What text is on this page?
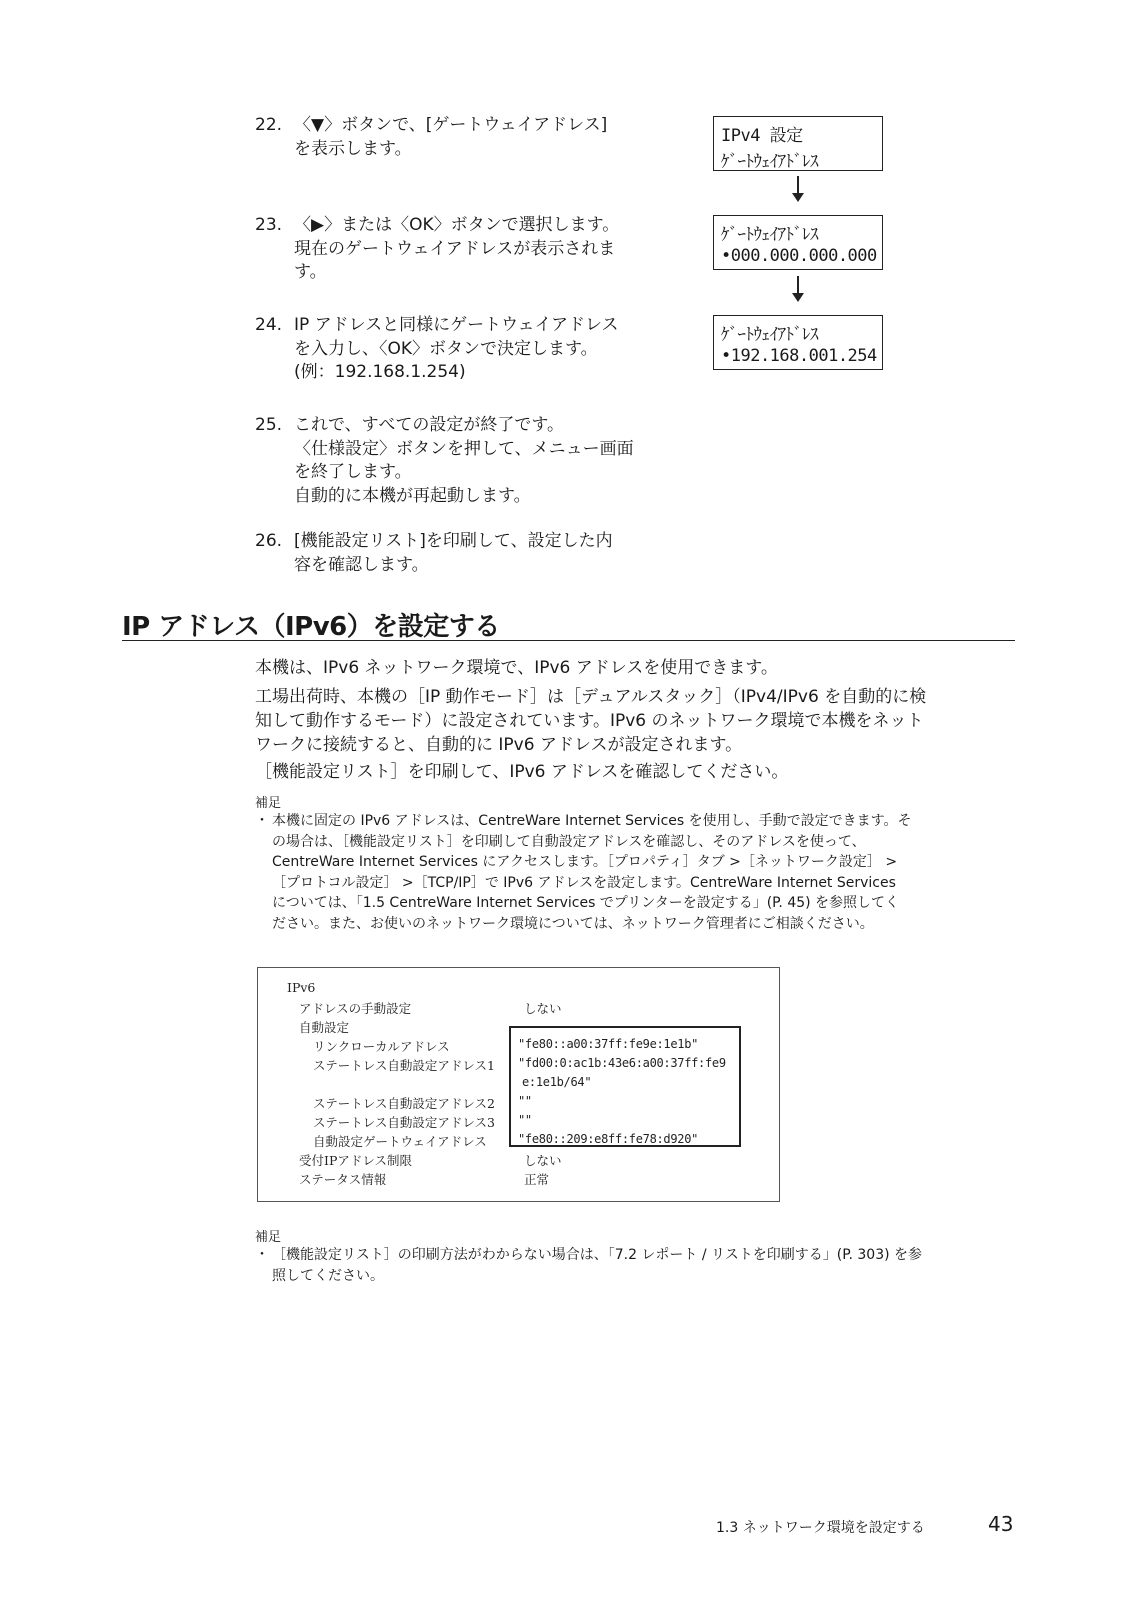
22. 〈▼〉ボタンで、[ゲートウェイアドレス]
を表示します。
23. 〈▶〉または〈OK〉ボタンで選択します。
現在のゲートウェイアドレスが表示されま
す。
24. IP アドレスと同様にゲートウェイアドレス
を入力し、〈OK〉ボタンで決定します。
(例：192.168.1.254)
25. これで、すべての設定が終了です。
〈仕様設定〉ボタンを押して、メニュー画面
を終了します。
自動的に本機が再起動します。
26. [機能設定リスト]を印刷して、設定した内
容を確認します。
IPv4 設定
ｹﾞｰﾄｳｪｲｱﾄﾞﾚｽ
ｹﾞｰﾄｳｪｲｱﾄﾞﾚｽ
•000.000.000.000
ｹﾞｰﾄｳｪｲｱﾄﾞﾚｽ
•192.168.001.254
IP アドレス（IPv6）を設定する
本機は、IPv6 ネットワーク環境で、IPv6 アドレスを使用できます。
工場出荷時、本機の［IP 動作モード］は［デュアルスタック］（IPv4/IPv6 を自動的に検
知して動作するモード）に設定されています。IPv6 のネットワーク環境で本機をネット
ワークに接続すると、自動的に IPv6 アドレスが設定されます。
［機能設定リスト］を印刷して、IPv6 アドレスを確認してください。
補足
・ 本機に固定の IPv6 アドレスは、CentreWare Internet Services を使用し、手動で設定できます。そ
の場合は、［機能設定リスト］を印刷して自動設定アドレスを確認し、そのアドレスを使って、
CentreWare Internet Services にアクセスします。［プロパティ］タブ >［ネットワーク設定］ >
［プロトコル設定］ >［TCP/IP］で IPv6 アドレスを設定します。CentreWare Internet Services
については、「1.5 CentreWare Internet Services でプリンターを設定する」(P. 45) を参照してく
ださい。また、お使いのネットワーク環境については、ネットワーク管理者にご相談ください。
IPv6
アドレスの手動設定	しない
自動設定
リンクローカルアドレス	"fe80::a00:37ff:fe9e:1e1b"
ステートレス自動設定アドレス1 "fd00:0:ac1b:43e6:a00:37ff:fe9
e:1e1b/64"
ステートレス自動設定アドレス2 ""
ステートレス自動設定アドレス3 ""
自動設定ゲートウェイアドレス	"fe80::209:e8ff:fe78:d920"
受付IPアドレス制限	しない
ステータス情報	正常
補足
・ ［機能設定リスト］の印刷方法がわからない場合は、「7.2 レポート / リストを印刷する」(P. 303) を参
照してください。
1.3 ネットワーク環境を設定する	43
